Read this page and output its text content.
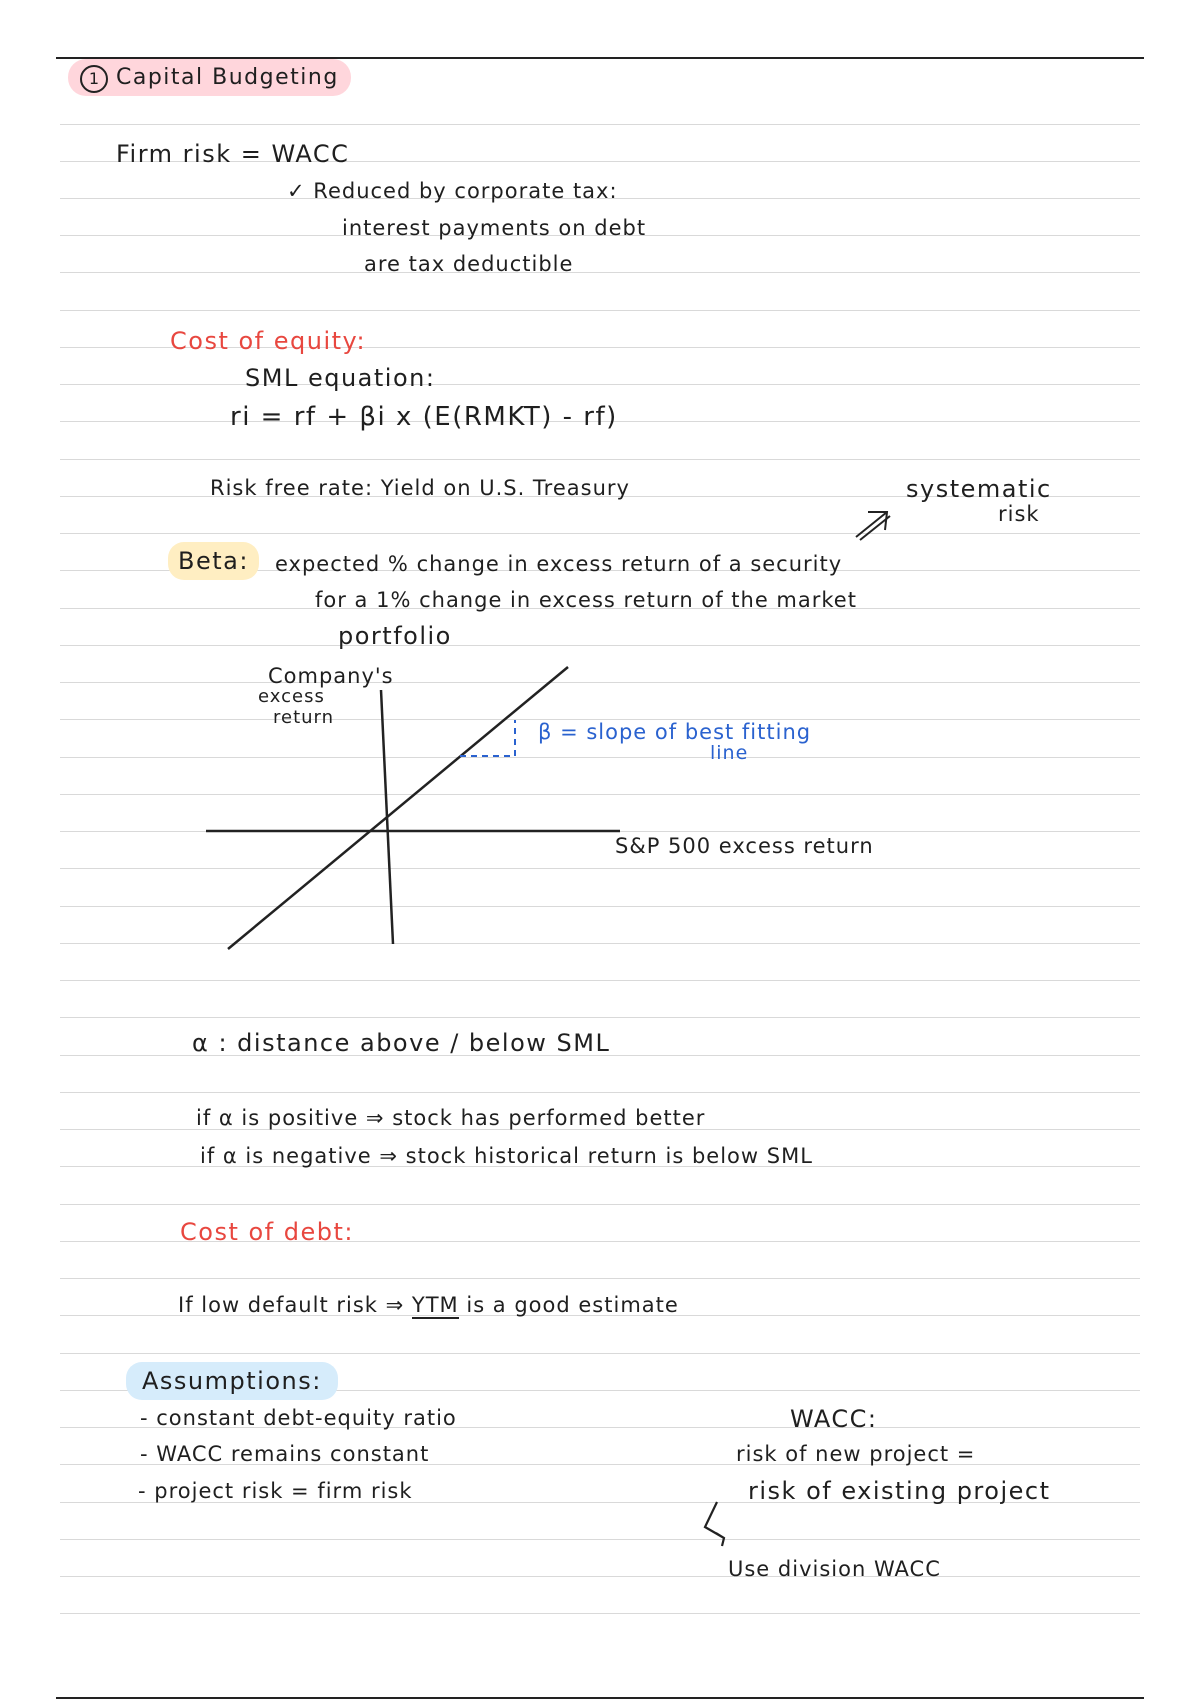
1 Capital Budgeting
Firm risk = WACC
✓ Reduced by corporate tax:
interest payments on debt
are tax deductible
Cost of equity:
SML equation:
ri = rf + βi x (E(RMKT) - rf)
Risk free rate: Yield on U.S. Treasury	systematic
risk
Beta:	expected % change in excess return of a security
for a 1% change in excess return of the market
portfolio
Company's
excess
return
β = slope of best fitting
line
S&P 500 excess return
α : distance above / below SML
if α is positive ⇒ stock has performed better
if α is negative ⇒ stock historical return is below SML
Cost of debt:
If low default risk ⇒ YTM is a good estimate
Assumptions:
- constant debt-equity ratio
- WACC remains constant
- project risk = firm risk
WACC:
risk of new project =
risk of existing project
Use division WACC
